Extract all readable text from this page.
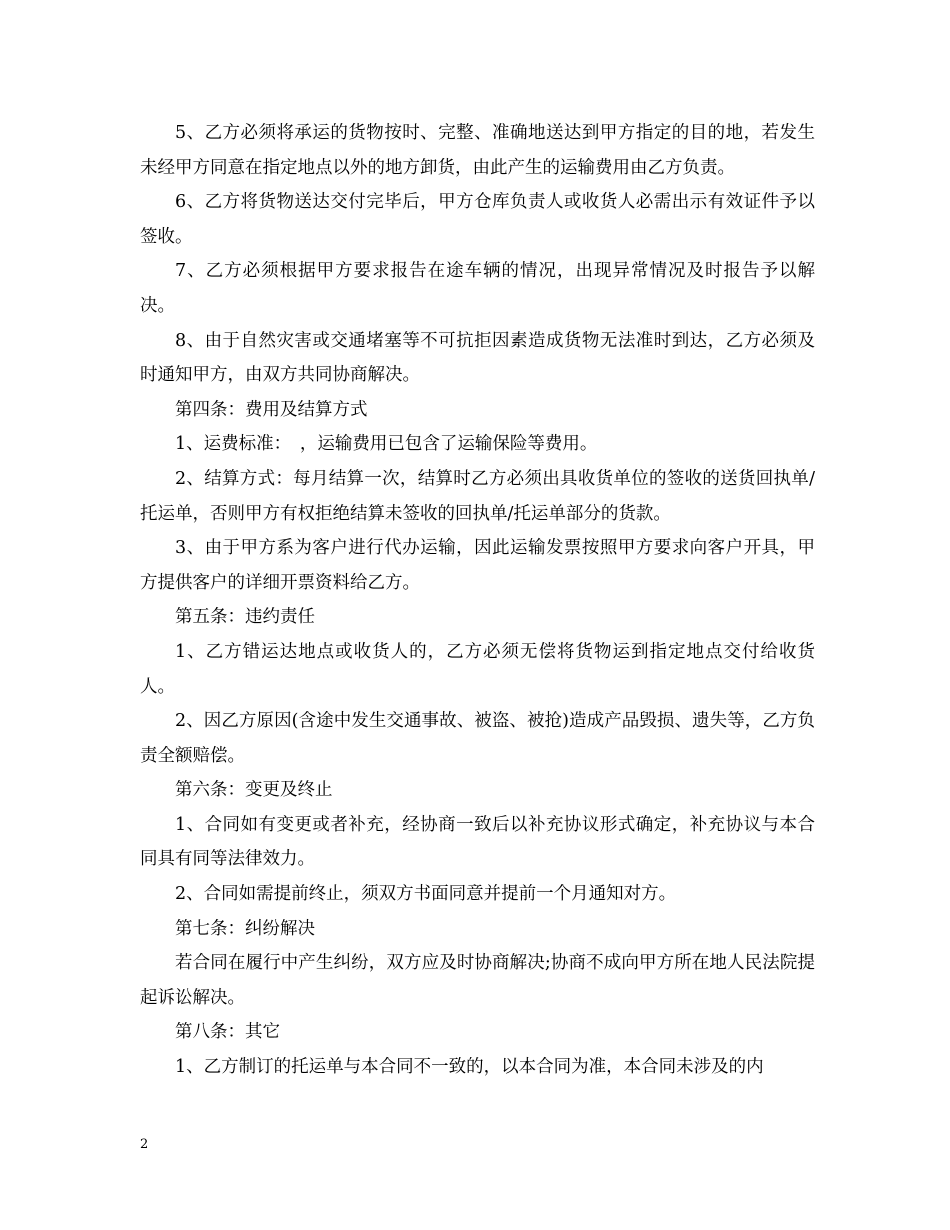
5、乙方必须将承运的货物按时、完整、准确地送达到甲方指定的目的地，若发生未经甲方同意在指定地点以外的地方卸货，由此产生的运输费用由乙方负责。

6、乙方将货物送达交付完毕后，甲方仓库负责人或收货人必需出示有效证件予以签收。

7、乙方必须根据甲方要求报告在途车辆的情况，出现异常情况及时报告予以解决。

8、由于自然灾害或交通堵塞等不可抗拒因素造成货物无法准时到达，乙方必须及时通知甲方，由双方共同协商解决。

第四条：费用及结算方式

1、运费标准：　，运输费用已包含了运输保险等费用。

2、结算方式：每月结算一次，结算时乙方必须出具收货单位的签收的送货回执单/托运单，否则甲方有权拒绝结算未签收的回执单/托运单部分的货款。

3、由于甲方系为客户进行代办运输，因此运输发票按照甲方要求向客户开具，甲方提供客户的详细开票资料给乙方。

第五条：违约责任

1、乙方错运达地点或收货人的，乙方必须无偿将货物运到指定地点交付给收货人。

2、因乙方原因(含途中发生交通事故、被盗、被抢)造成产品毁损、遗失等，乙方负责全额赔偿。

第六条：变更及终止

1、合同如有变更或者补充，经协商一致后以补充协议形式确定，补充协议与本合同具有同等法律效力。

2、合同如需提前终止，须双方书面同意并提前一个月通知对方。

第七条：纠纷解决

若合同在履行中产生纠纷，双方应及时协商解决;协商不成向甲方所在地人民法院提起诉讼解决。

第八条：其它

1、乙方制订的托运单与本合同不一致的，以本合同为准，本合同未涉及的内

2
